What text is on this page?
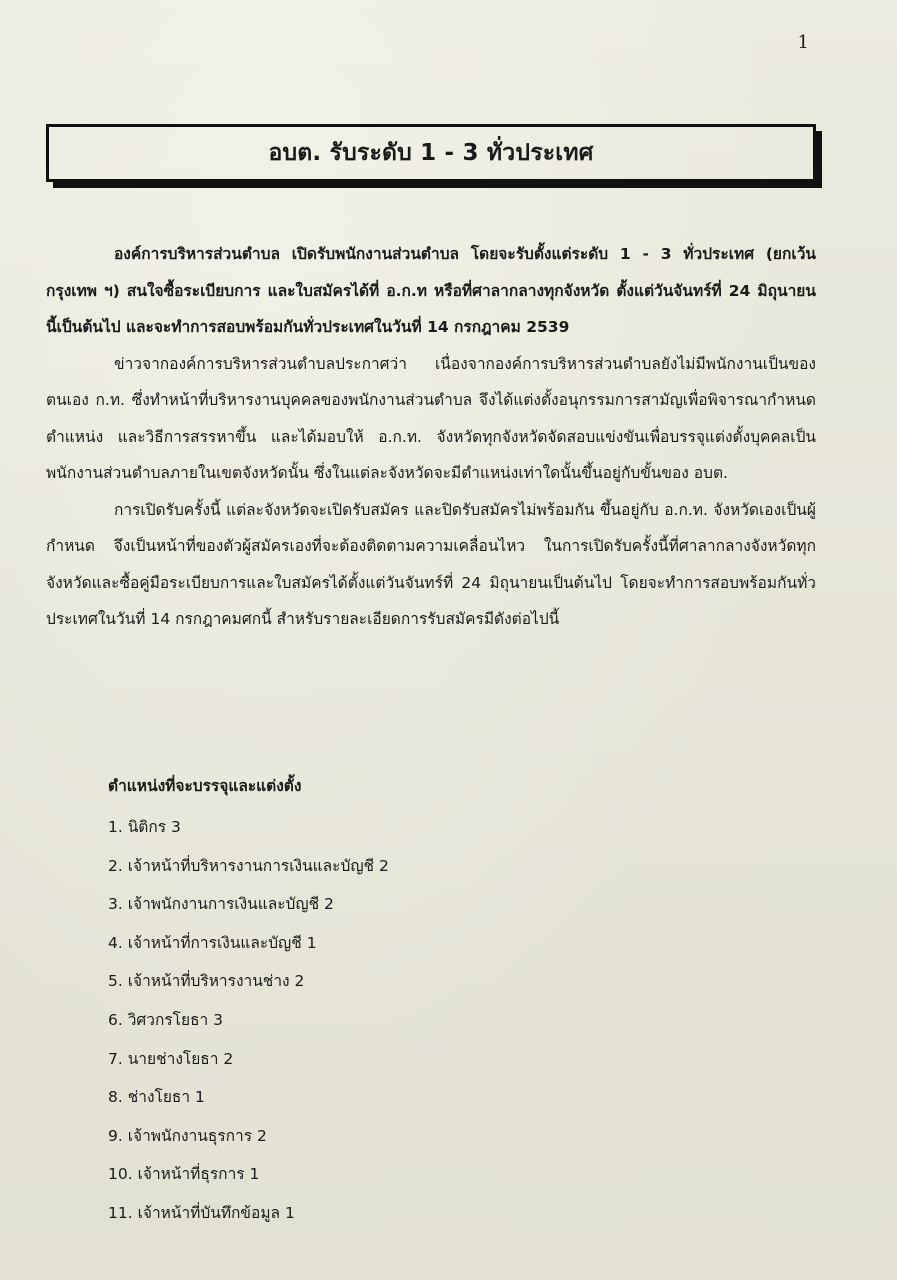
1
อบต. รับระดับ 1 - 3 ทั่วประเทศ

องค์การบริหารส่วนตำบล เปิดรับพนักงานส่วนตำบล โดยจะรับตั้งแต่ระดับ 1 - 3 ทั่วประเทศ (ยกเว้นกรุงเทพ ฯ) สนใจซื้อระเบียบการ และใบสมัครได้ที่ อ.ก.ท หรือที่ศาลากลางทุกจังหวัด ตั้งแต่วันจันทร์ที่ 24 มิถุนายน นี้เป็นต้นไป และจะทำการสอบพร้อมกันทั่วประเทศในวันที่ 14 กรกฎาคม 2539

ข่าวจากองค์การบริหารส่วนตำบลประกาศว่า เนื่องจากองค์การบริหารส่วนตำบลยังไม่มีพนักงานเป็นของตนเอง ก.ท. ซึ่งทำหน้าที่บริหารงานบุคคลของพนักงานส่วนตำบล จึงได้แต่งตั้งอนุกรรมการสามัญเพื่อพิจารณากำหนดตำแหน่ง และวิธีการสรรหาขึ้น และได้มอบให้ อ.ก.ท. จังหวัดทุกจังหวัดจัดสอบแข่งขันเพื่อบรรจุแต่งตั้งบุคคลเป็นพนักงานส่วนตำบลภายในเขตจังหวัดนั้น ซึ่งในแต่ละจังหวัดจะมีตำแหน่งเท่าใดนั้นขึ้นอยู่กับขั้นของ อบต.

การเปิดรับครั้งนี้ แต่ละจังหวัดจะเปิดรับสมัคร และปิดรับสมัครไม่พร้อมกัน ขึ้นอยู่กับ อ.ก.ท. จังหวัดเองเป็นผู้กำหนด จึงเป็นหน้าที่ของตัวผู้สมัครเองที่จะต้องติดตามความเคลื่อนไหว ในการเปิดรับครั้งนี้ที่ศาลากลางจังหวัดทุกจังหวัดและซื้อคู่มือระเบียบการและใบสมัครได้ตั้งแต่วันจันทร์ที่ 24 มิถุนายนเป็นต้นไป โดยจะทำการสอบพร้อมกันทั่วประเทศในวันที่ 14 กรกฎาคมศกนี้ สำหรับรายละเอียดการรับสมัครมีดังต่อไปนี้

ตำแหน่งที่จะบรรจุและแต่งตั้ง
1. นิติกร 3
2. เจ้าหน้าที่บริหารงานการเงินและบัญชี 2
3. เจ้าพนักงานการเงินและบัญชี 2
4. เจ้าหน้าที่การเงินและบัญชี 1
5. เจ้าหน้าที่บริหารงานช่าง 2
6. วิศวกรโยธา 3
7. นายช่างโยธา 2
8. ช่างโยธา 1
9. เจ้าพนักงานธุรการ 2
10. เจ้าหน้าที่ธุรการ 1
11. เจ้าหน้าที่บันทึกข้อมูล 1
